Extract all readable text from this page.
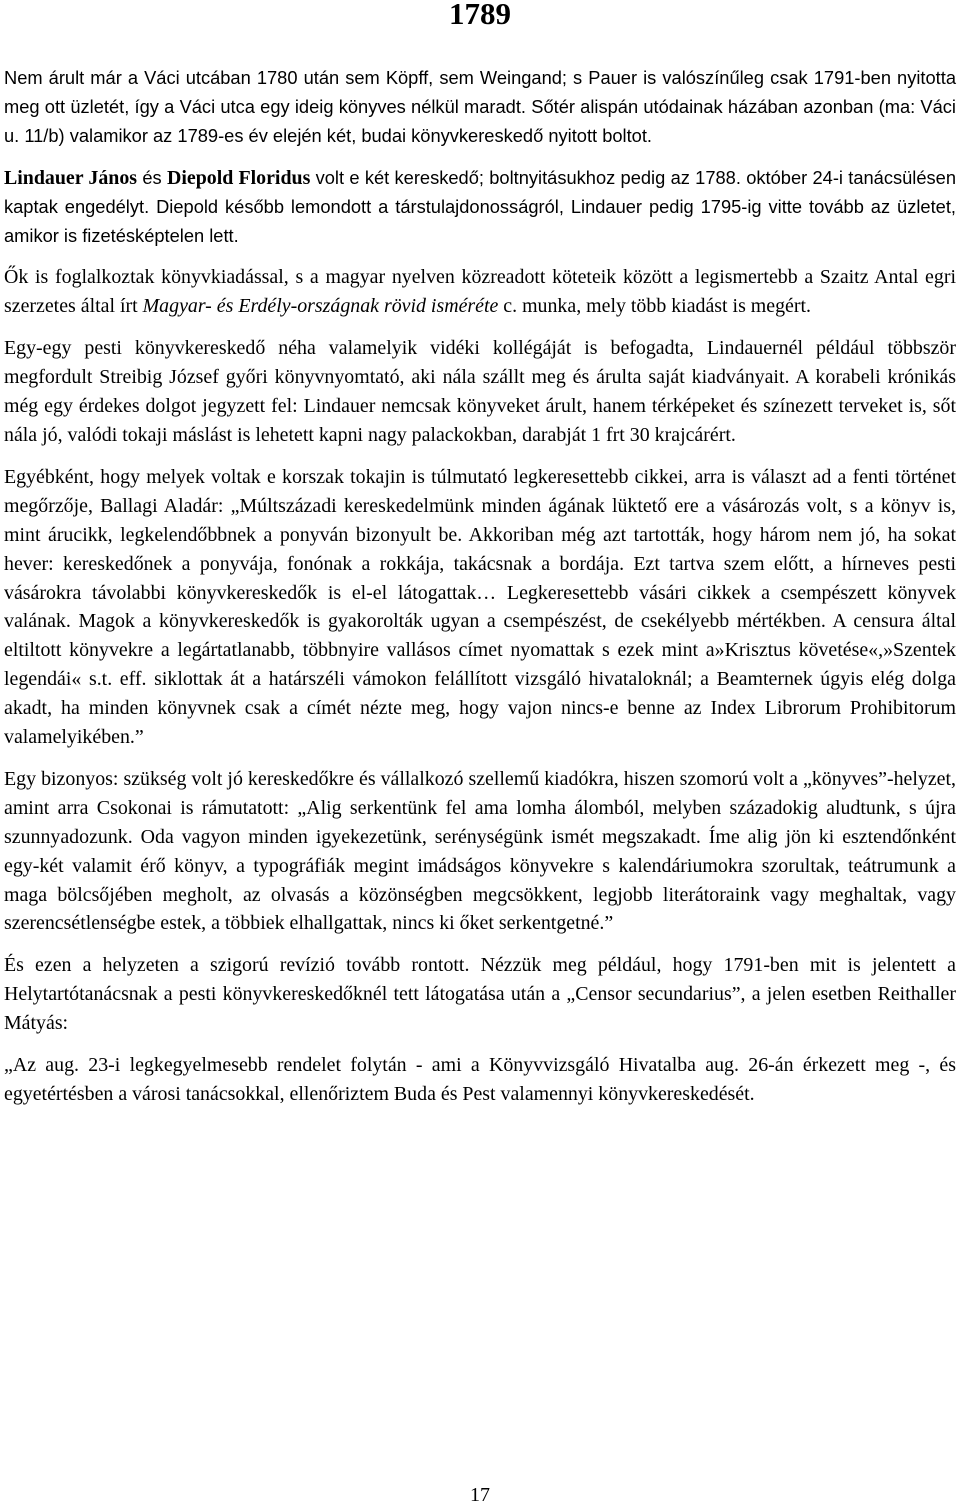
1789

Nem árult már a Váci utcában 1780 után sem Köpff, sem Weingand; s Pauer is valószínűleg csak 1791-ben nyitotta meg ott üzletét, így a Váci utca egy ideig könyves nélkül maradt. Sőtér alispán utódainak házában azonban (ma: Váci u. 11/b) valamikor az 1789-es év elején két, budai könyvkereskedő nyitott boltot.

Lindauer János és Diepold Floridus volt e két kereskedő; boltnyitásukhoz pedig az 1788. október 24-i tanácsülésen kaptak engedélyt. Diepold később lemondott a társtulajdonosságról, Lindauer pedig 1795-ig vitte tovább az üzletet, amikor is fizetésképtelen lett.

Ők is foglalkoztak könyvkiadással, s a magyar nyelven közreadott köteteik között a legismertebb a Szaitz Antal egri szerzetes által írt Magyar- és Erdély-országnak rövid isméréte c. munka, mely több kiadást is megért.

Egy-egy pesti könyvkereskedő néha valamelyik vidéki kollégáját is befogadta, Lindauernél például többször megfordult Streibig József győri könyvnyomtató, aki nála szállt meg és árulta saját kiadványait. A korabeli krónikás még egy érdekes dolgot jegyzett fel: Lindauer nemcsak könyveket árult, hanem térképeket és színezett terveket is, sőt nála jó, valódi tokaji máslást is lehetett kapni nagy palackokban, darabját 1 frt 30 krajcárért.

Egyébként, hogy melyek voltak e korszak tokajin is túlmutató legkeresettebb cikkei, arra is választ ad a fenti történet megőrzője, Ballagi Aladár: „Múltszázadi kereskedelmünk minden ágának lüktető ere a vásározás volt, s a könyv is, mint árucikk, legkelendőbbnek a ponyván bizonyult be. Akkoriban még azt tartották, hogy három nem jó, ha sokat hever: kereskedőnek a ponyvája, fonónak a rokkája, takácsnak a bordája. Ezt tartva szem előtt, a hírneves pesti vásárokra távolabbi könyvkereskedők is el-el látogattak… Legkeresettebb vásári cikkek a csempészett könyvek valának. Magok a könyvkereskedők is gyakorolták ugyan a csempészést, de csekélyebb mértékben. A censura által eltiltott könyvekre a legártatlanabb, többnyire vallásos címet nyomattak s ezek mint a»Krisztus követése«,»Szentek legendái« s.t. eff. siklottak át a határszéli vámokon felállított vizsgáló hivataloknál; a Beamternek úgyis elég dolga akadt, ha minden könyvnek csak a címét nézte meg, hogy vajon nincs-e benne az Index Librorum Prohibitorum valamelyikében.”

Egy bizonyos: szükség volt jó kereskedőkre és vállalkozó szellemű kiadókra, hiszen szomorú volt a „könyves”-helyzet, amint arra Csokonai is rámutatott: „Alig serkentünk fel ama lomha álomból, melyben századokig aludtunk, s újra szunnyadozunk. Oda vagyon minden igyekezetünk, serénységünk ismét megszakadt. Íme alig jön ki esztendőnként egy-két valamit érő könyv, a typográfiák megint imádságos könyvekre s kalendáriumokra szorultak, teátrumunk a maga bölcsőjében megholt, az olvasás a közönségben megcsökkent, legjobb literátoraink vagy meghaltak, vagy szerencsétlenségbe estek, a többiek elhallgattak, nincs ki őket serkentgetné.”

És ezen a helyzeten a szigorú revízió tovább rontott. Nézzük meg például, hogy 1791-ben mit is jelentett a Helytartótanácsnak a pesti könyvkereskedőknél tett látogatása után a „Censor secundarius”, a jelen esetben Reithaller Mátyás:

„Az aug. 23-i legkegyelmesebb rendelet folytán - ami a Könyvvizsgáló Hivatalba aug. 26-án érkezett meg -, és egyetértésben a városi tanácsokkal, ellenőriztem Buda és Pest valamennyi könyvkereskedését.

17
